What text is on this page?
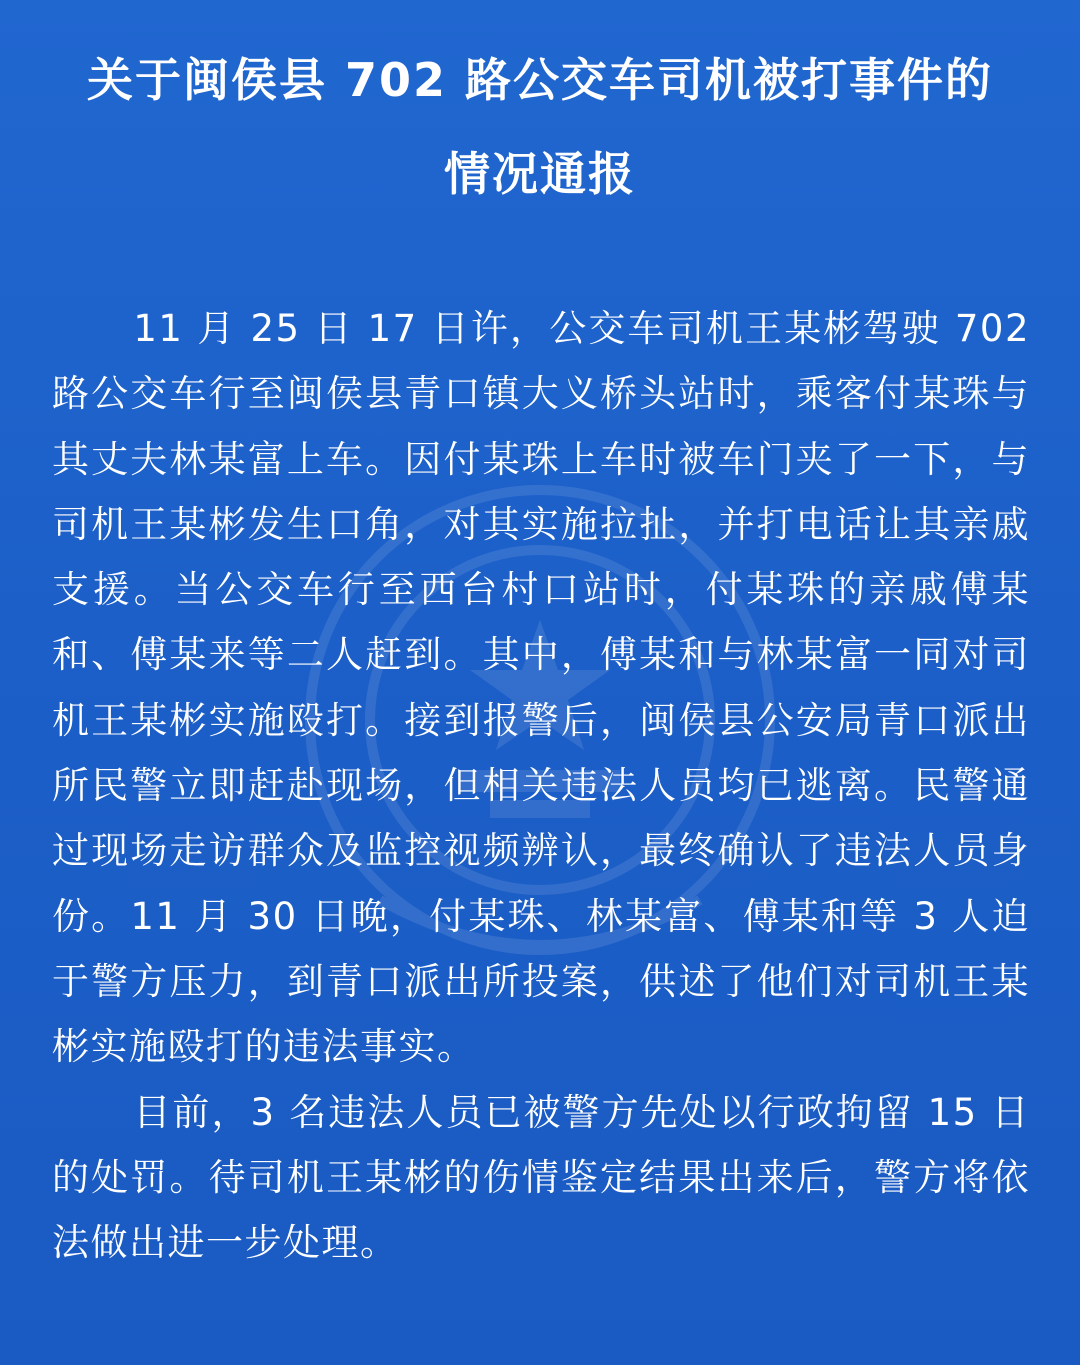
关于闽侯县 702 路公交车司机被打事件的
情况通报

11 月 25 日 17 日许，公交车司机王某彬驾驶 702 路公交车行至闽侯县青口镇大义桥头站时，乘客付某珠与其丈夫林某富上车。因付某珠上车时被车门夹了一下，与司机王某彬发生口角，对其实施拉扯，并打电话让其亲戚支援。当公交车行至西台村口站时，付某珠的亲戚傅某和、傅某来等二人赶到。其中，傅某和与林某富一同对司机王某彬实施殴打。接到报警后，闽侯县公安局青口派出所民警立即赶赴现场，但相关违法人员均已逃离。民警通过现场走访群众及监控视频辨认，最终确认了违法人员身份。11 月 30 日晚，付某珠、林某富、傅某和等 3 人迫于警方压力，到青口派出所投案，供述了他们对司机王某彬实施殴打的违法事实。

目前，3 名违法人员已被警方先处以行政拘留 15 日的处罚。待司机王某彬的伤情鉴定结果出来后，警方将依法做出进一步处理。
